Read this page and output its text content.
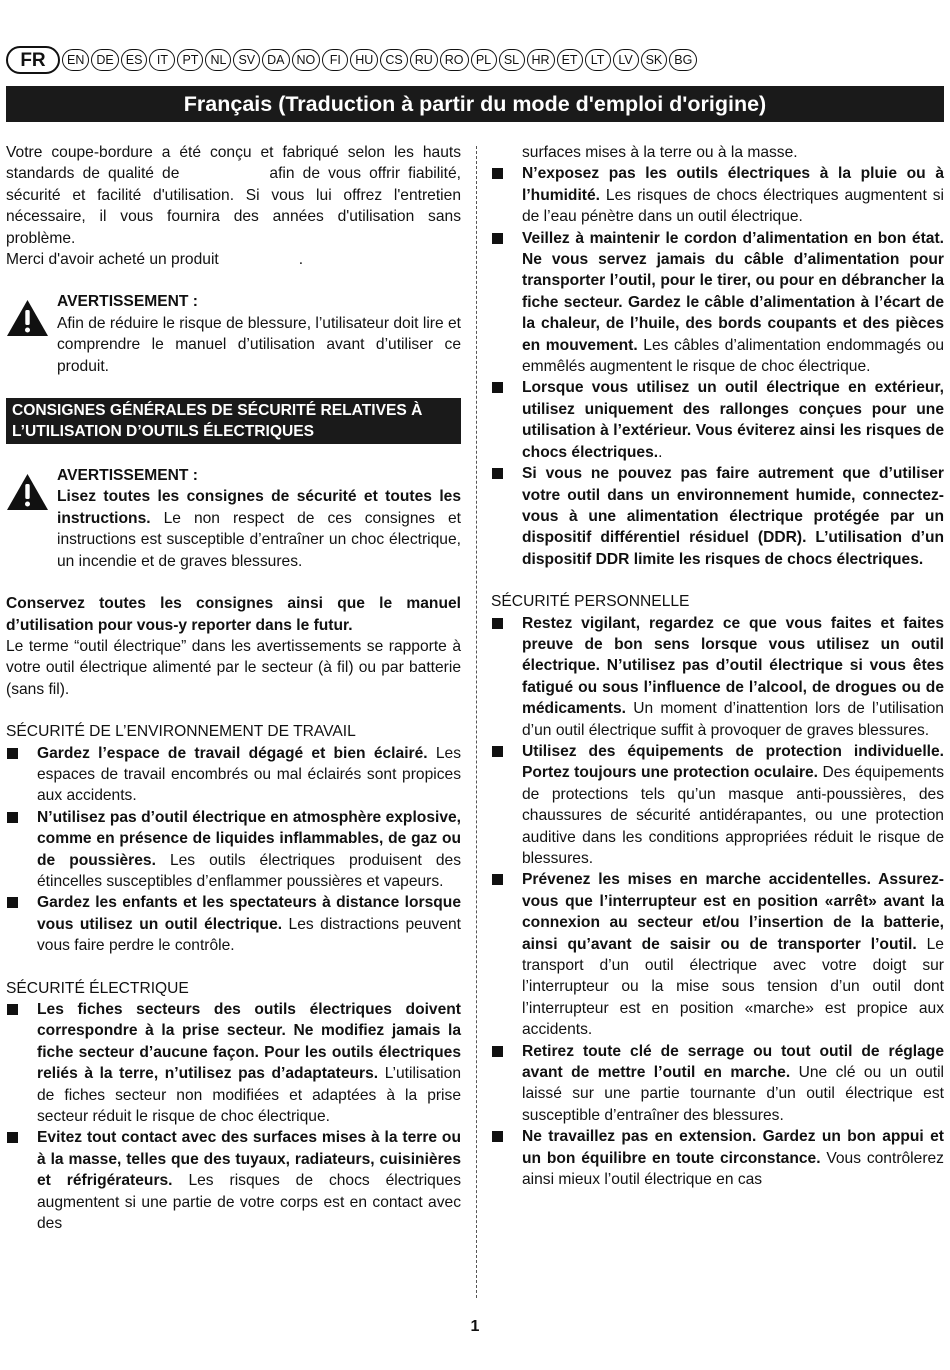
FR	EN DE ES	IT	PT NL SV DA NO	FI	HU CS RU RO PL	SL HR ET	LT	LV	SK BG
Français (Traduction à partir du mode d'emploi d'origine)

Votre coupe-bordure a été conçu et fabriqué selon les hauts standards de qualité de	afin de vous offrir fiabilité, sécurité et facilité d'utilisation. Si vous lui offrez l'entretien nécessaire, il vous fournira des années d'utilisation sans problème.

Merci d'avoir acheté un produit	.

AVERTISSEMENT :

Afin de réduire le risque de blessure, l’utilisateur doit lire et comprendre le manuel d’utilisation avant d’utiliser ce produit.

CONSIGNES GÉNÉRALES DE SÉCURITÉ RELATIVES À L’UTILISATION D’OUTILS ÉLECTRIQUES

AVERTISSEMENT :

Lisez toutes les consignes de sécurité et toutes les instructions. Le non respect de ces consignes et instructions est susceptible d’entraîner un choc électrique, un incendie et de graves blessures.

Conservez toutes les consignes ainsi que le manuel d’utilisation pour vous-y reporter dans le futur.

Le terme “outil électrique” dans les avertissements se rapporte à votre outil électrique alimenté par le secteur (à fil) ou par batterie (sans fil).

SÉCURITÉ DE L’ENVIRONNEMENT DE TRAVAIL

Gardez l’espace de travail dégagé et bien éclairé. Les espaces de travail encombrés ou mal éclairés sont propices aux accidents.
N’utilisez pas d’outil électrique en atmosphère explosive, comme en présence de liquides inflammables, de gaz ou de poussières. Les outils électriques produisent des étincelles susceptibles d’enflammer poussières et vapeurs.
Gardez les enfants et les spectateurs à distance lorsque vous utilisez un outil électrique. Les distractions peuvent vous faire perdre le contrôle.

SÉCURITÉ ÉLECTRIQUE

Les fiches secteurs des outils électriques doivent correspondre à la prise secteur. Ne modifiez jamais la fiche secteur d’aucune façon. Pour les outils électriques reliés à la terre, n’utilisez pas d’adaptateurs. L’utilisation de fiches secteur non modifiées et adaptées à la prise secteur réduit le risque de choc électrique.
Evitez tout contact avec des surfaces mises à la terre ou à la masse, telles que des tuyaux, radiateurs, cuisinières et réfrigérateurs. Les risques de chocs électriques augmentent si une partie de votre corps est en contact avec des

surfaces mises à la terre ou à la masse.

N’exposez pas les outils électriques à la pluie ou à l’humidité. Les risques de chocs électriques augmentent si de l’eau pénètre dans un outil électrique.
Veillez à maintenir le cordon d’alimentation en bon état. Ne vous servez jamais du câble d’alimentation pour transporter l’outil, pour le tirer, ou pour en débrancher la fiche secteur. Gardez le câble d’alimentation à l’écart de la chaleur, de l’huile, des bords coupants et des pièces en mouvement. Les câbles d’alimentation endommagés ou emmêlés augmentent le risque de choc électrique.
Lorsque vous utilisez un outil électrique en extérieur, utilisez uniquement des rallonges conçues pour une utilisation à l’extérieur. Vous éviterez ainsi les risques de chocs électriques..
Si vous ne pouvez pas faire autrement que d’utiliser votre outil dans un environnement humide, connectez-vous à une alimentation électrique protégée par un dispositif différentiel résiduel (DDR). L’utilisation d’un dispositif DDR limite les risques de chocs électriques.

SÉCURITÉ PERSONNELLE

Restez vigilant, regardez ce que vous faites et faites preuve de bon sens lorsque vous utilisez un outil électrique. N’utilisez pas d’outil électrique si vous êtes fatigué ou sous l’influence de l’alcool, de drogues ou de médicaments. Un moment d’inattention lors de l’utilisation d’un outil électrique suffit à provoquer de graves blessures.
Utilisez des équipements de protection individuelle. Portez toujours une protection oculaire. Des équipements de protections tels qu’un masque anti-poussières, des chaussures de sécurité antidérapantes, ou une protection auditive dans les conditions appropriées réduit le risque de blessures.
Prévenez les mises en marche accidentelles. Assurez-vous que l’interrupteur est en position «arrêt» avant la connexion au secteur et/ou l’insertion de la batterie, ainsi qu’avant de saisir ou de transporter l’outil. Le transport d’un outil électrique avec votre doigt sur l’interrupteur ou la mise sous tension d’un outil dont l’interrupteur est en position «marche» est propice aux accidents.
Retirez toute clé de serrage ou tout outil de réglage avant de mettre l’outil en marche. Une clé ou un outil laissé sur une partie tournante d’un outil électrique est susceptible d’entraîner des blessures.
Ne travaillez pas en extension. Gardez un bon appui et un bon équilibre en toute circonstance. Vous contrôlerez ainsi mieux l’outil électrique en cas
1
